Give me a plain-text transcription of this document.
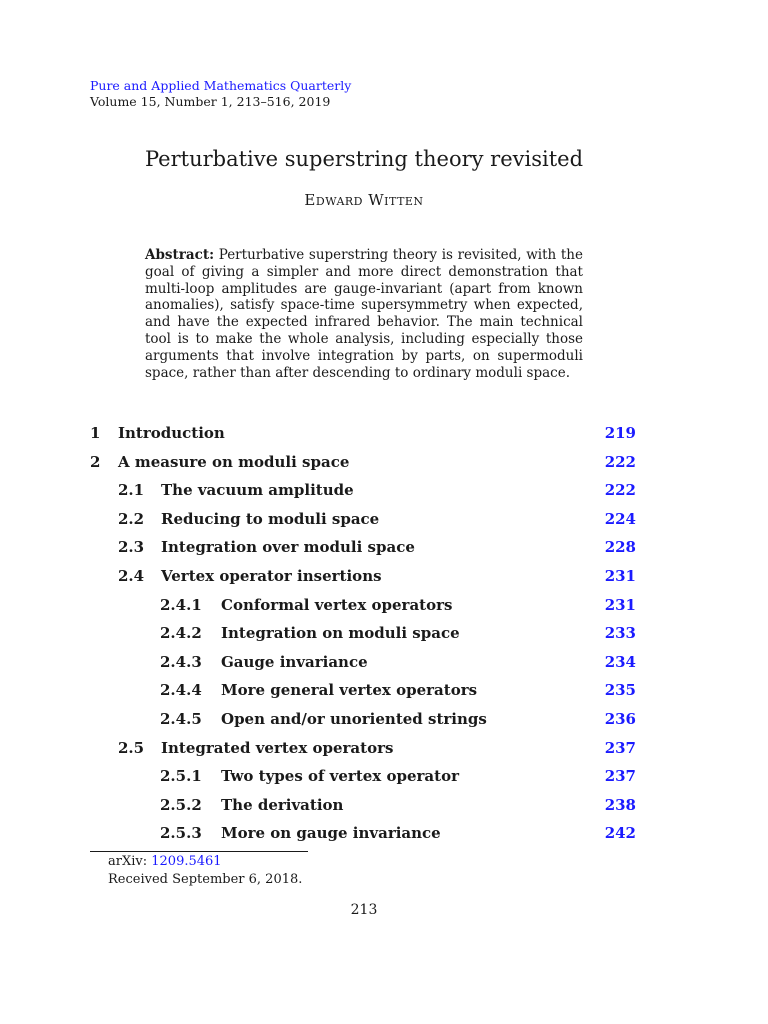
Pure and Applied Mathematics Quarterly
Volume 15, Number 1, 213–516, 2019
Perturbative superstring theory revisited
Edward Witten
Abstract: Perturbative superstring theory is revisited, with the goal of giving a simpler and more direct demonstration that multi-loop amplitudes are gauge-invariant (apart from known anomalies), satisfy space-time supersymmetry when expected, and have the expected infrared behavior. The main technical tool is to make the whole analysis, including especially those arguments that involve integration by parts, on supermoduli space, rather than after descending to ordinary moduli space.
1 Introduction	219
2 A measure on moduli space	222
2.1 The vacuum amplitude	222
2.2 Reducing to moduli space	224
2.3 Integration over moduli space	228
2.4 Vertex operator insertions	231
2.4.1 Conformal vertex operators	231
2.4.2 Integration on moduli space	233
2.4.3 Gauge invariance	234
2.4.4 More general vertex operators	235
2.4.5 Open and/or unoriented strings	236
2.5 Integrated vertex operators	237
2.5.1 Two types of vertex operator	237
2.5.2 The derivation	238
2.5.3 More on gauge invariance	242
arXiv: 1209.5461
Received September 6, 2018.
213
